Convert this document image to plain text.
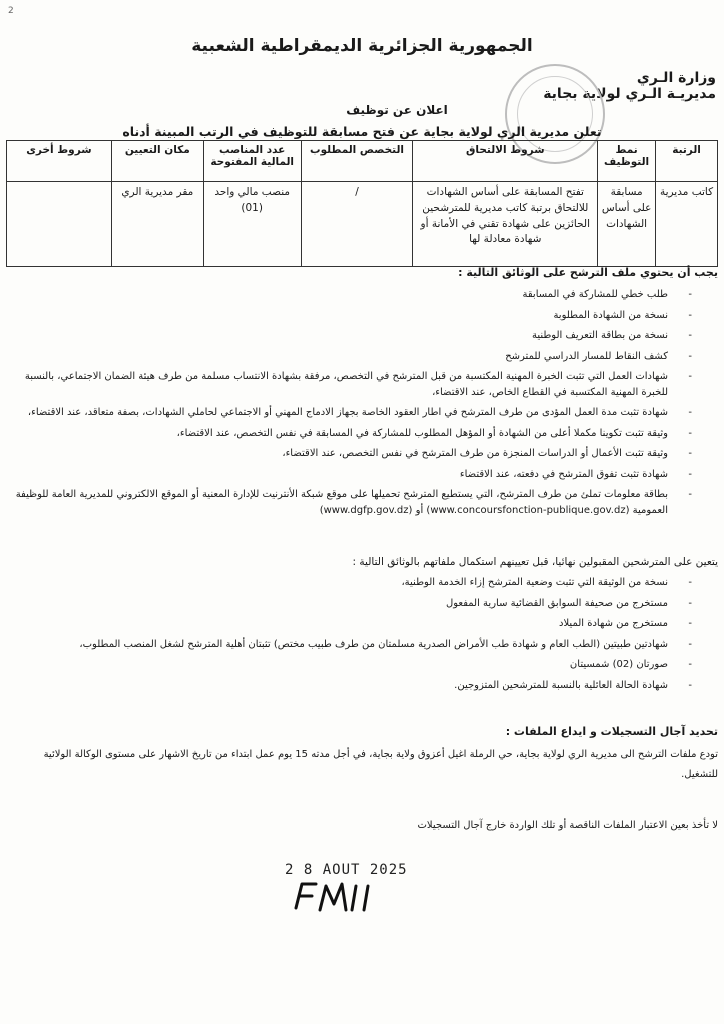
2
الجمهورية الجزائرية الديمقراطية الشعبية
وزارة الـري
مديريـة الـري لولاية بجاية
اعلان عن توظيف
تعلن مديرية الري لولاية بجاية عن فتح مسابقة للتوظيف في الرتب المبينة أدناه
الرتبة	نمط التوظيف	شروط الالتحاق	التخصص المطلوب	عدد المناصب المالية المفتوحة	مكان التعيين	شروط أخرى
كاتب مديرية	مسابقة على أساس الشهادات	تفتح المسابقة على أساس الشهادات للالتحاق برتبة كاتب مديرية للمترشحين الحائزين على شهادة تقني في الأمانة أو شهادة معادلة لها	/	منصب مالي واحد (01)	مقر مديرية الري	
يجب أن يحتوي ملف الترشح على الوثائق التالية :
- طلب خطي للمشاركة في المسابقة
- نسخة من الشهادة المطلوبة
- نسخة من بطاقة التعريف الوطنية
- كشف النقاط للمسار الدراسي للمترشح
- شهادات العمل التي تثبت الخبرة المهنية المكتسبة من قبل المترشح في التخصص، مرفقة بشهادة الانتساب مسلمة من طرف هيئة الضمان الاجتماعي، بالنسبة للخبرة المهنية المكتسبة في القطاع الخاص، عند الاقتضاء،
- شهادة تثبت مدة العمل المؤدى من طرف المترشح في اطار العقود الخاصة بجهاز الادماج المهني أو الاجتماعي لحاملي الشهادات، بصفة متعاقد، عند الاقتضاء،
- وثيقة تثبت تكوينا مكملا أعلى من الشهادة أو المؤهل المطلوب للمشاركة في المسابقة في نفس التخصص، عند الاقتضاء،
- وثيقة تثبت الأعمال أو الدراسات المنجزة من طرف المترشح في نفس التخصص، عند الاقتضاء،
- شهادة تثبت تفوق المترشح في دفعته، عند الاقتضاء
- بطاقة معلومات تملئ من طرف المترشح، التي يستطيع المترشح تحميلها على موقع شبكة الأنترنيت للإدارة المعنية أو الموقع الالكتروني للمديرية العامة للوظيفة العمومية (www.concoursfonction-publique.gov.dz) أو (www.dgfp.gov.dz)
يتعين على المترشحين المقبولين نهائيا، قبل تعيينهم استكمال ملفاتهم بالوثائق التالية :
- نسخة من الوثيقة التي تثبت وضعية المترشح إزاء الخدمة الوطنية،
- مستخرج من صحيفة السوابق القضائية سارية المفعول
- مستخرج من شهادة الميلاد
- شهادتين طبيتين (الطب العام و شهادة طب الأمراض الصدرية مسلمتان من طرف طبيب مختص) تثبتان أهلية المترشح لشغل المنصب المطلوب،
- صورتان (02) شمسيتان
- شهادة الحالة العائلية بالنسبة للمترشحين المتزوجين.
تحديد آجال التسجيلات و ايداع الملفات :
تودع ملفات الترشح الى مديرية الري لولاية بجاية، حي الرملة اغيل أعزوق ولاية بجاية، في أجل مدته 15 يوم عمل ابتداء من تاريخ الاشهار على مستوى الوكالة الولائية للتشغيل.
لا تأخذ بعين الاعتبار الملفات الناقصة أو تلك الواردة خارج آجال التسجيلات
2 8 AOUT 2025
